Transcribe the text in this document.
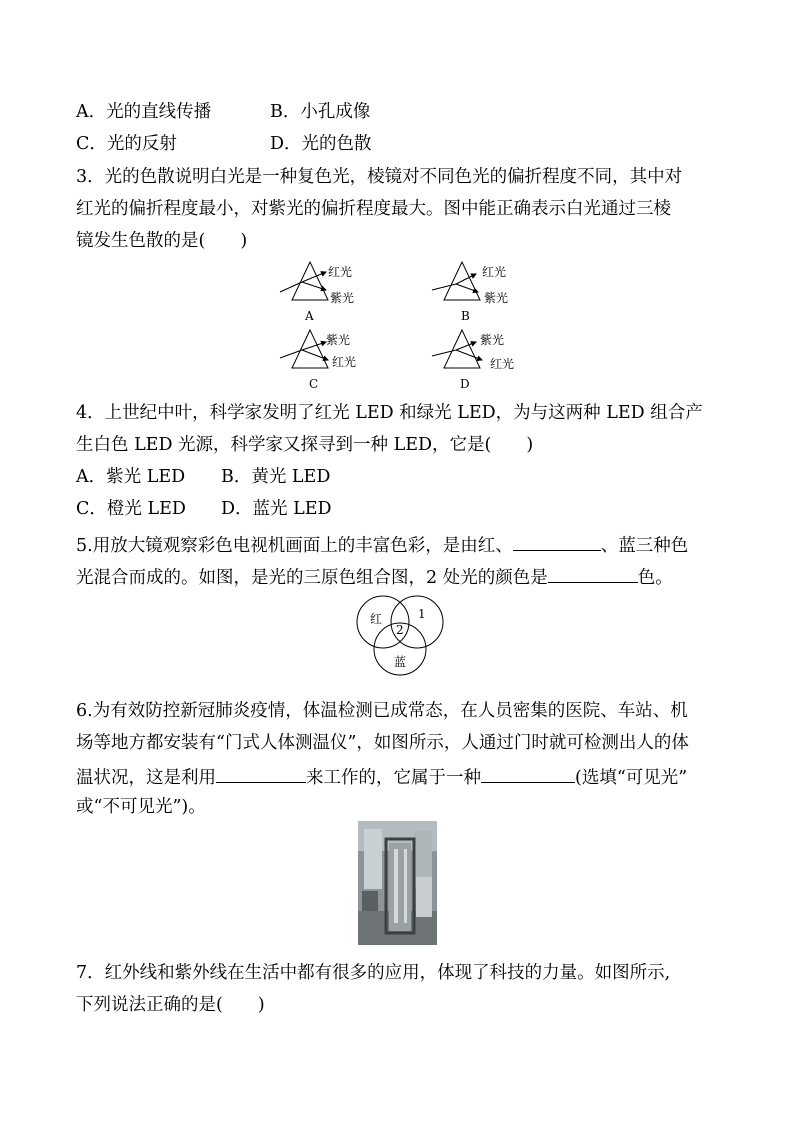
A．光的直线传播	B．小孔成像
C．光的反射	D．光的色散
3．光的色散说明白光是一种复色光，棱镜对不同色光的偏折程度不同，其中对
红光的偏折程度最小，对紫光的偏折程度最大。图中能正确表示白光通过三棱
镜发生色散的是(　　)
红光
紫光
A
红光
紫光
B
紫光
红光
C
紫光
红光
D
4．上世纪中叶，科学家发明了红光 LED 和绿光 LED，为与这两种 LED 组合产
生白色 LED 光源，科学家又探寻到一种 LED，它是(　　)
A．紫光 LED B．黄光 LED
C．橙光 LED D．蓝光 LED
5.用放大镜观察彩色电视机画面上的丰富色彩，是由红、	、蓝三种色
光混合而成的。如图，是光的三原色组合图，2 处光的颜色是	色。
红	1
2
蓝
6.为有效防控新冠肺炎疫情，体温检测已成常态，在人员密集的医院、车站、机
场等地方都安装有“门式人体测温仪”，如图所示，人通过门时就可检测出人的体
温状况，这是利用	来工作的，它属于一种	(选填“可见光”
或“不可见光”)。
7．红外线和紫外线在生活中都有很多的应用，体现了科技的力量。如图所示,
下列说法正确的是(　　)
